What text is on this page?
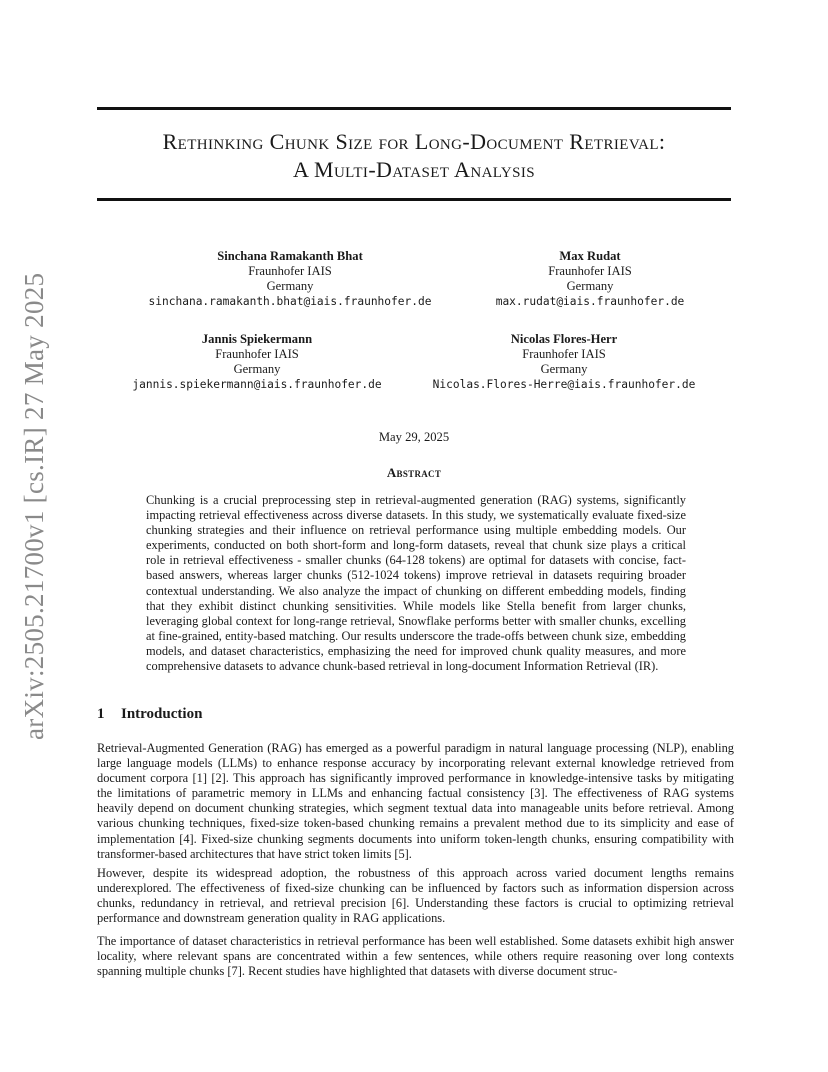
arXiv:2505.21700v1 [cs.IR] 27 May 2025
Rethinking Chunk Size for Long-Document Retrieval:
A Multi-Dataset Analysis
Sinchana Ramakanth Bhat
Fraunhofer IAIS
Germany
sinchana.ramakanth.bhat@iais.fraunhofer.de
Max Rudat
Fraunhofer IAIS
Germany
max.rudat@iais.fraunhofer.de
Jannis Spiekermann
Fraunhofer IAIS
Germany
jannis.spiekermann@iais.fraunhofer.de
Nicolas Flores-Herr
Fraunhofer IAIS
Germany
Nicolas.Flores-Herre@iais.fraunhofer.de
May 29, 2025
Abstract
Chunking is a crucial preprocessing step in retrieval-augmented generation (RAG) systems, significantly impacting retrieval effectiveness across diverse datasets. In this study, we systematically evaluate fixed-size chunking strategies and their influence on retrieval performance using multiple embedding models. Our experiments, conducted on both short-form and long-form datasets, reveal that chunk size plays a critical role in retrieval effectiveness - smaller chunks (64-128 tokens) are optimal for datasets with concise, fact-based answers, whereas larger chunks (512-1024 tokens) improve retrieval in datasets requiring broader contextual understanding. We also analyze the impact of chunking on different embedding models, finding that they exhibit distinct chunking sensitivities. While models like Stella benefit from larger chunks, leveraging global context for long-range retrieval, Snowflake performs better with smaller chunks, excelling at fine-grained, entity-based matching. Our results underscore the trade-offs between chunk size, embedding models, and dataset characteristics, emphasizing the need for improved chunk quality measures, and more comprehensive datasets to advance chunk-based retrieval in long-document Information Retrieval (IR).
1 Introduction
Retrieval-Augmented Generation (RAG) has emerged as a powerful paradigm in natural language processing (NLP), enabling large language models (LLMs) to enhance response accuracy by incorporating relevant external knowledge retrieved from document corpora [1] [2]. This approach has significantly improved performance in knowledge-intensive tasks by mitigating the limitations of parametric memory in LLMs and enhancing factual consistency [3]. The effectiveness of RAG systems heavily depend on document chunking strategies, which segment textual data into manageable units before retrieval. Among various chunking techniques, fixed-size token-based chunking remains a prevalent method due to its simplicity and ease of implementation [4]. Fixed-size chunking segments documents into uniform token-length chunks, ensuring compatibility with transformer-based architectures that have strict token limits [5].
However, despite its widespread adoption, the robustness of this approach across varied document lengths remains underexplored. The effectiveness of fixed-size chunking can be influenced by factors such as information dispersion across chunks, redundancy in retrieval, and retrieval precision [6]. Understanding these factors is crucial to optimizing retrieval performance and downstream generation quality in RAG applications.
The importance of dataset characteristics in retrieval performance has been well established. Some datasets exhibit high answer locality, where relevant spans are concentrated within a few sentences, while others require reasoning over long contexts spanning multiple chunks [7]. Recent studies have highlighted that datasets with diverse document struc-
